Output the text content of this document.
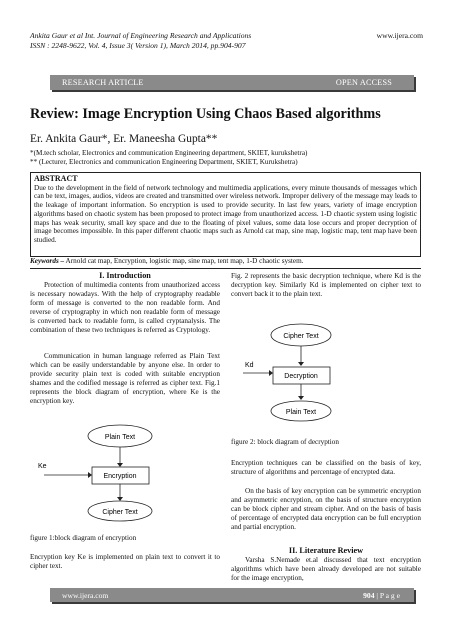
Ankita Gaur et al Int. Journal of Engineering Research and Applications
ISSN : 2248-9622, Vol. 4, Issue 3( Version 1), March 2014, pp.904-907
www.ijera.com
RESEARCH ARTICLE	OPEN ACCESS
Review: Image Encryption Using Chaos Based algorithms
Er. Ankita Gaur*, Er. Maneesha Gupta**
*(M.tech scholar, Electronics and communication Engineering department, SKIET, kurukshetra)
** (Lecturer, Electronics and communication Engineering Department, SKIET, Kurukshetra)
ABSTRACT
Due to the development in the field of network technology and multimedia applications, every minute thousands of messages which can be text, images, audios, videos are created and transmitted over wireless network. Improper delivery of the message may leads to the leakage of important information. So encryption is used to provide security. In last few years, variety of image encryption algorithms based on chaotic system has been proposed to protect image from unauthorized access. 1-D chaotic system using logistic maps has weak security, small key space and due to the floating of pixel values, some data lose occurs and proper decryption of image becomes impossible. In this paper different chaotic maps such as Arnold cat map, sine map, logistic map, tent map have been studied.
Keywords – Arnold cat map, Encryption, logistic map, sine map, tent map, 1-D chaotic system.
I. Introduction

Protection of multimedia contents from unauthorized access is necessary nowadays. With the help of cryptography readable form of message is converted to the non readable form. And reverse of cryptography in which non readable form of message is converted back to readable form, is called cryptanalysis. The combination of these two techniques is referred as Cryptology.

Communication in human language referred as Plain Text which can be easily understandable by anyone else. In order to provide security plain text is coded with suitable encryption shames and the codified message is referred as cipher text. Fig.1 represents the block diagram of encryption, where Ke is the encryption key.

Plain Text
Encryption
Ke
Cipher Text
figure 1:block diagram of encryption
Encryption key Ke is implemented on plain text to convert it to cipher text.
Fig. 2 represents the basic decryption technique, where Kd is the decryption key. Similarly Kd is implemented on cipher text to convert back it to the plain text.
Cipher Text
Decryption
Kd
Plain Text
figure 2: block diagram of decryption
Encryption techniques can be classified on the basis of key, structure of algorithms and percentage of encrypted data.

On the basis of key encryption can be symmetric encryption and asymmetric encryption, on the basis of structure encryption can be block cipher and stream cipher. And on the basis of basis of percentage of encrypted data encryption can be full encryption and partial encryption.

II. Literature Review

Varsha S.Nemade et.al discussed that text encryption algorithms which have been already developed are not suitable for the image encryption,

www.ijera.com	904 | P a g e
